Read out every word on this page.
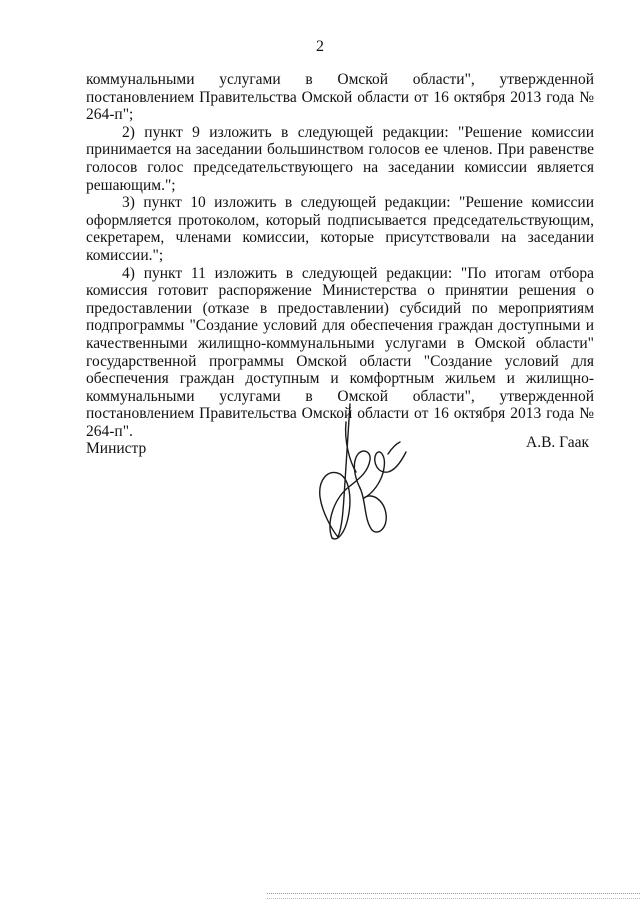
2

коммунальными услугами в Омской области", утвержденной постановлением Правительства Омской области от 16 октября 2013 года № 264-п";

2) пункт 9 изложить в следующей редакции: "Решение комиссии принимается на заседании большинством голосов ее членов. При равенстве голосов голос председательствующего на заседании комиссии является решающим.";

3) пункт 10 изложить в следующей редакции: "Решение комиссии оформляется протоколом, который подписывается председательствующим, секретарем, членами комиссии, которые присутствовали на заседании комиссии.";

4) пункт 11 изложить в следующей редакции: "По итогам отбора комиссия готовит распоряжение Министерства о принятии решения о предоставлении (отказе в предоставлении) субсидий по мероприятиям подпрограммы "Создание условий для обеспечения граждан доступными и качественными жилищно-коммунальными услугами в Омской области" государственной программы Омской области "Создание условий для обеспечения граждан доступным и комфортным жильем и жилищно-коммунальными услугами в Омской области", утвержденной постановлением Правительства Омской области от 16 октября 2013 года № 264-п".

Министр	А.В. Гаак
